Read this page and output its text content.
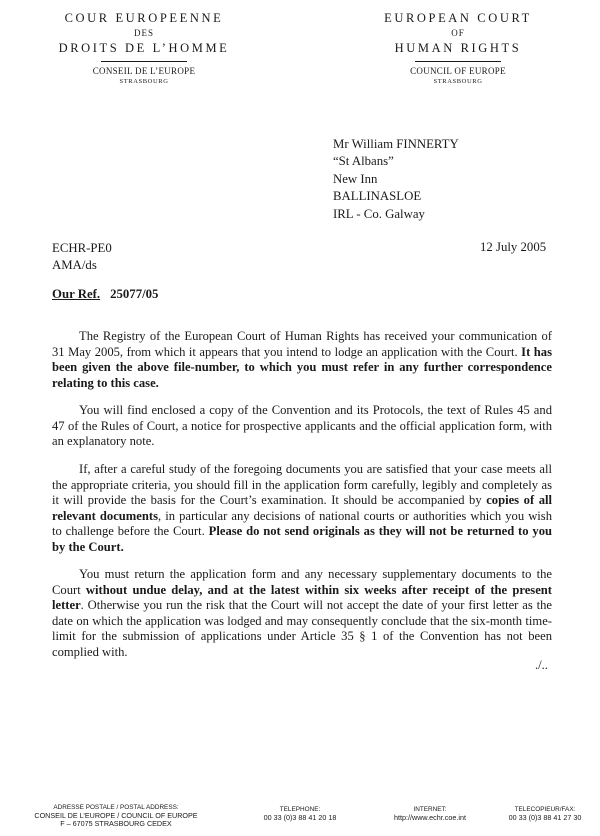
COUR EUROPEENNE
DES
DROITS DE L’HOMME
CONSEIL DE L’EUROPE
STRASBOURG
EUROPEAN COURT
OF
HUMAN RIGHTS
COUNCIL OF EUROPE
STRASBOURG
Mr William FINNERTY
“St Albans”
New Inn
BALLINASLOE
IRL - Co. Galway
ECHR-PE0
AMA/ds
12 July 2005
Our Ref. 25077/05
The Registry of the European Court of Human Rights has received your communication of 31 May 2005, from which it appears that you intend to lodge an application with the Court. It has been given the above file-number, to which you must refer in any further correspondence relating to this case.
You will find enclosed a copy of the Convention and its Protocols, the text of Rules 45 and 47 of the Rules of Court, a notice for prospective applicants and the official application form, with an explanatory note.
If, after a careful study of the foregoing documents you are satisfied that your case meets all the appropriate criteria, you should fill in the application form carefully, legibly and completely as it will provide the basis for the Court’s examination. It should be accompanied by copies of all relevant documents, in particular any decisions of national courts or authorities which you wish to challenge before the Court. Please do not send originals as they will not be returned to you by the Court.
You must return the application form and any necessary supplementary documents to the Court without undue delay, and at the latest within six weeks after receipt of the present letter. Otherwise you run the risk that the Court will not accept the date of your first letter as the date on which the application was lodged and may consequently conclude that the six-month time-limit for the submission of applications under Article 35 § 1 of the Convention has not been complied with.
./..
ADRESSE POSTALE / POSTAL ADDRESS:
CONSEIL DE L’EUROPE / COUNCIL OF EUROPE
F – 67075 STRASBOURG CEDEX
TELEPHONE:
00 33 (0)3 88 41 20 18
INTERNET:
http://www.echr.coe.int
TELECOPIEUR/FAX:
00 33 (0)3 88 41 27 30
